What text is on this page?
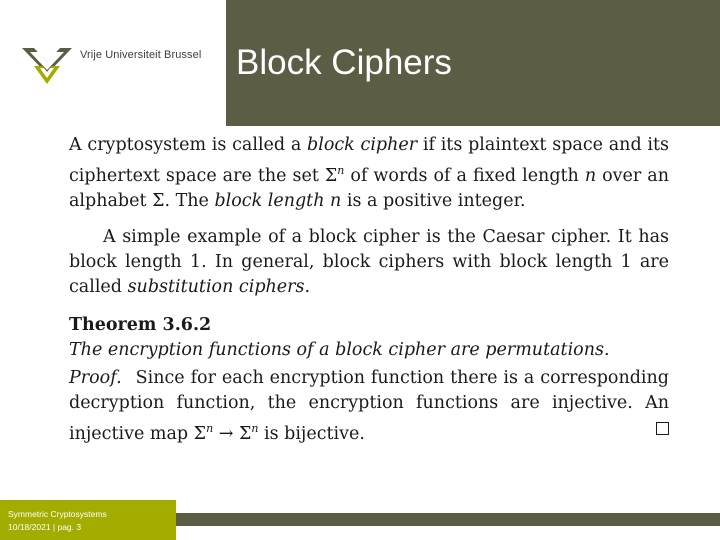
Vrije Universiteit Brussel Block Ciphers

A cryptosystem is called a block cipher if its plaintext space and its ciphertext space are the set $\Sigma^n$ of words of a fixed length n over an alphabet Σ. The block length n is a positive integer.

A simple example of a block cipher is the Caesar cipher. It has block length 1. In general, block ciphers with block length 1 are called substitution ciphers.

Theorem 3.6.2

The encryption functions of a block cipher are permutations.

Proof. Since for each encryption function there is a corresponding decryption function, the encryption functions are injective. An injective map $\Sigma^n \to \Sigma^n$ is bijective.

Symmetric Cryptosystems
10/18/2021 | pag. 3
